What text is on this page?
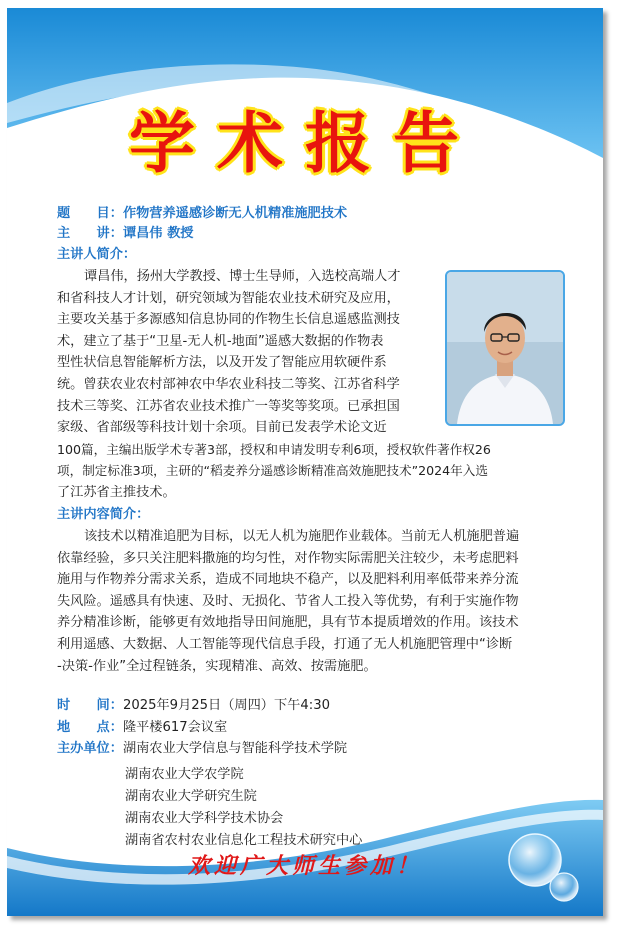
学术报告
题　　目：作物营养遥感诊断无人机精准施肥技术
主　　讲：谭昌伟 教授
主讲人简介：
谭昌伟，扬州大学教授、博士生导师，入选校高端人才
和省科技人才计划，研究领域为智能农业技术研究及应用，
主要攻关基于多源感知信息协同的作物生长信息遥感监测技
术，建立了基于“卫星-无人机-地面”遥感大数据的作物表
型性状信息智能解析方法，以及开发了智能应用软硬件系
统。曾获农业农村部神农中华农业科技二等奖、江苏省科学
技术三等奖、江苏省农业技术推广一等奖等奖项。已承担国
家级、省部级等科技计划十余项。目前已发表学术论文近
100篇，主编出版学术专著3部，授权和申请发明专利6项，授权软件著作权26
项，制定标准3项，主研的“稻麦养分遥感诊断精准高效施肥技术”2024年入选
了江苏省主推技术。
主讲内容简介：
该技术以精准追肥为目标，以无人机为施肥作业载体。当前无人机施肥普遍
依靠经验，多只关注肥料撒施的均匀性，对作物实际需肥关注较少，未考虑肥料
施用与作物养分需求关系，造成不同地块不稳产，以及肥料利用率低带来养分流
失风险。遥感具有快速、及时、无损化、节省人工投入等优势，有利于实施作物
养分精准诊断，能够更有效地指导田间施肥，具有节本提质增效的作用。该技术
利用遥感、大数据、人工智能等现代信息手段，打通了无人机施肥管理中“诊断
-决策-作业”全过程链条，实现精准、高效、按需施肥。
时　　间：2025年9月25日（周四）下午4:30
地　　点：隆平楼617会议室
主办单位：湖南农业大学信息与智能科学技术学院
湖南农业大学农学院
湖南农业大学研究生院
湖南农业大学科学技术协会
湖南省农村农业信息化工程技术研究中心
欢迎广大师生参加！
